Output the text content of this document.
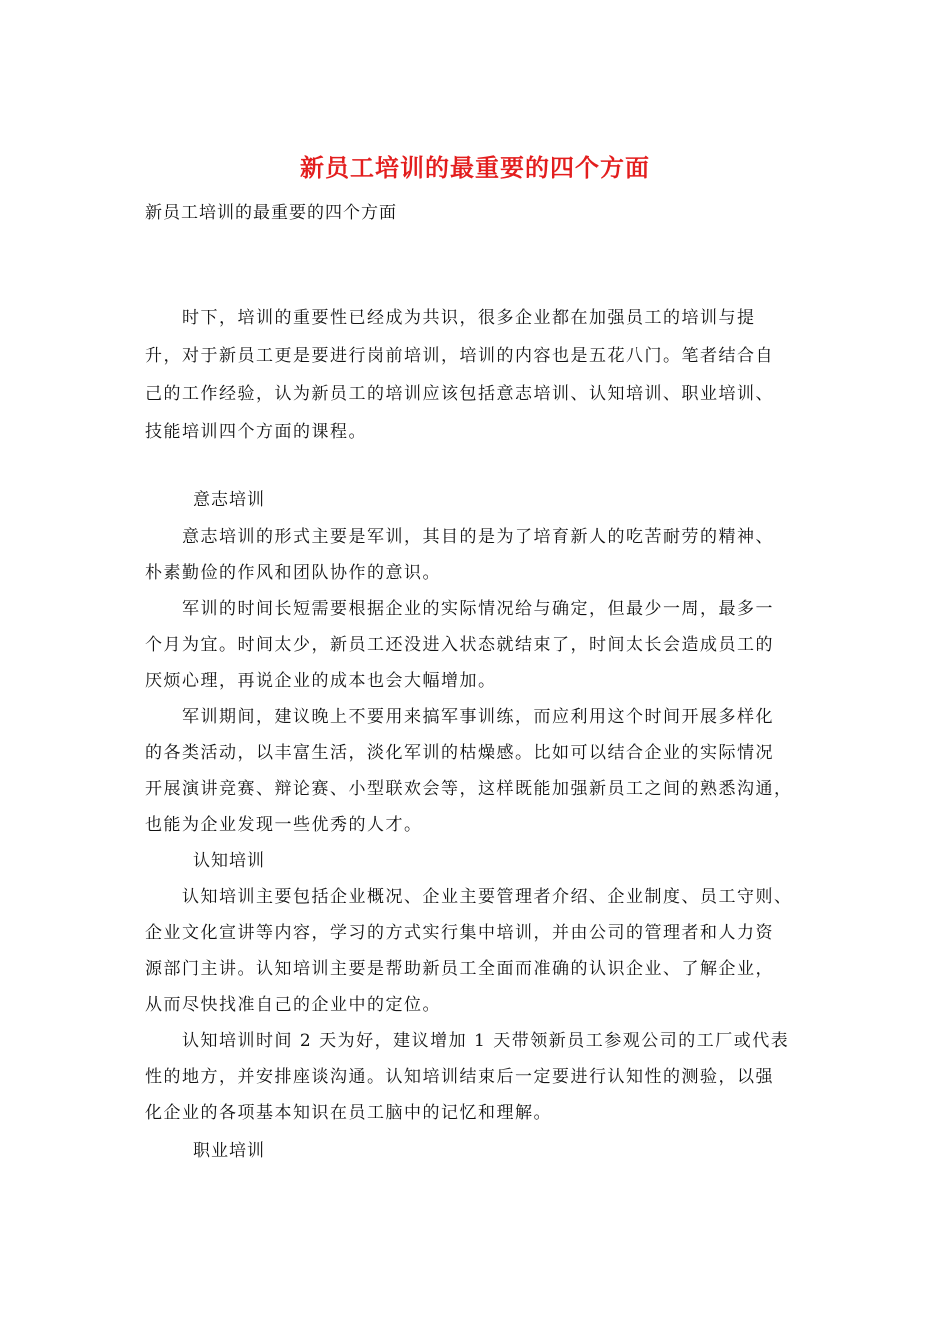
新员工培训的最重要的四个方面
新员工培训的最重要的四个方面
　　时下，培训的重要性已经成为共识，很多企业都在加强员工的培训与提
升，对于新员工更是要进行岗前培训，培训的内容也是五花八门。笔者结合自
己的工作经验，认为新员工的培训应该包括意志培训、认知培训、职业培训、
技能培训四个方面的课程。
意志培训
　　意志培训的形式主要是军训，其目的是为了培育新人的吃苦耐劳的精神、
朴素勤俭的作风和团队协作的意识。
　　军训的时间长短需要根据企业的实际情况给与确定，但最少一周，最多一
个月为宜。时间太少，新员工还没进入状态就结束了，时间太长会造成员工的
厌烦心理，再说企业的成本也会大幅增加。
　　军训期间，建议晚上不要用来搞军事训练，而应利用这个时间开展多样化
的各类活动，以丰富生活，淡化军训的枯燥感。比如可以结合企业的实际情况
开展演讲竞赛、辩论赛、小型联欢会等，这样既能加强新员工之间的熟悉沟通，
也能为企业发现一些优秀的人才。
认知培训
　　认知培训主要包括企业概况、企业主要管理者介绍、企业制度、员工守则、
企业文化宣讲等内容，学习的方式实行集中培训，并由公司的管理者和人力资
源部门主讲。认知培训主要是帮助新员工全面而准确的认识企业、了解企业，
从而尽快找准自己的企业中的定位。
　　认知培训时间 2 天为好，建议增加 1 天带领新员工参观公司的工厂或代表
性的地方，并安排座谈沟通。认知培训结束后一定要进行认知性的测验，以强
化企业的各项基本知识在员工脑中的记忆和理解。
职业培训
